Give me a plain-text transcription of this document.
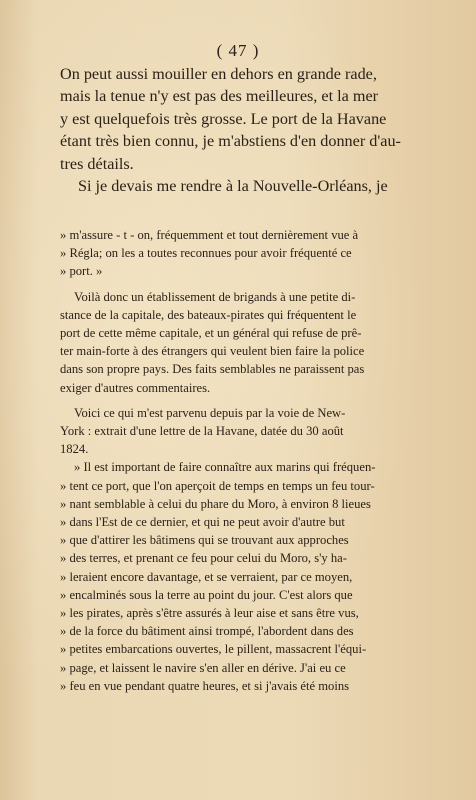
( 47 )
On peut aussi mouiller en dehors en grande rade,
mais la tenue n'y est pas des meilleures, et la mer
y est quelquefois très grosse. Le port de la Havane
étant très bien connu, je m'abstiens d'en donner d'au-
tres détails.
Si je devais me rendre à la Nouvelle-Orléans, je
» m'assure - t - on, fréquemment et tout dernièrement vue à
» Régla; on les a toutes reconnues pour avoir fréquenté ce
» port. »
Voilà donc un établissement de brigands à une petite di-
stance de la capitale, des bateaux-pirates qui fréquentent le
port de cette même capitale, et un général qui refuse de prê-
ter main-forte à des étrangers qui veulent bien faire la police
dans son propre pays. Des faits semblables ne paraissent pas
exiger d'autres commentaires.
Voici ce qui m'est parvenu depuis par la voie de New-
York : extrait d'une lettre de la Havane, datée du 30 août
1824.
» Il est important de faire connaître aux marins qui fréquen-
» tent ce port, que l'on aperçoit de temps en temps un feu tour-
» nant semblable à celui du phare du Moro, à environ 8 lieues
» dans l'Est de ce dernier, et qui ne peut avoir d'autre but
» que d'attirer les bâtimens qui se trouvant aux approches
» des terres, et prenant ce feu pour celui du Moro, s'y ha-
» leraient encore davantage, et se verraient, par ce moyen,
» encalminés sous la terre au point du jour. C'est alors que
» les pirates, après s'être assurés à leur aise et sans être vus,
» de la force du bâtiment ainsi trompé, l'abordent dans des
» petites embarcations ouvertes, le pillent, massacrent l'équi-
» page, et laissent le navire s'en aller en dérive. J'ai eu ce
» feu en vue pendant quatre heures, et si j'avais été moins
